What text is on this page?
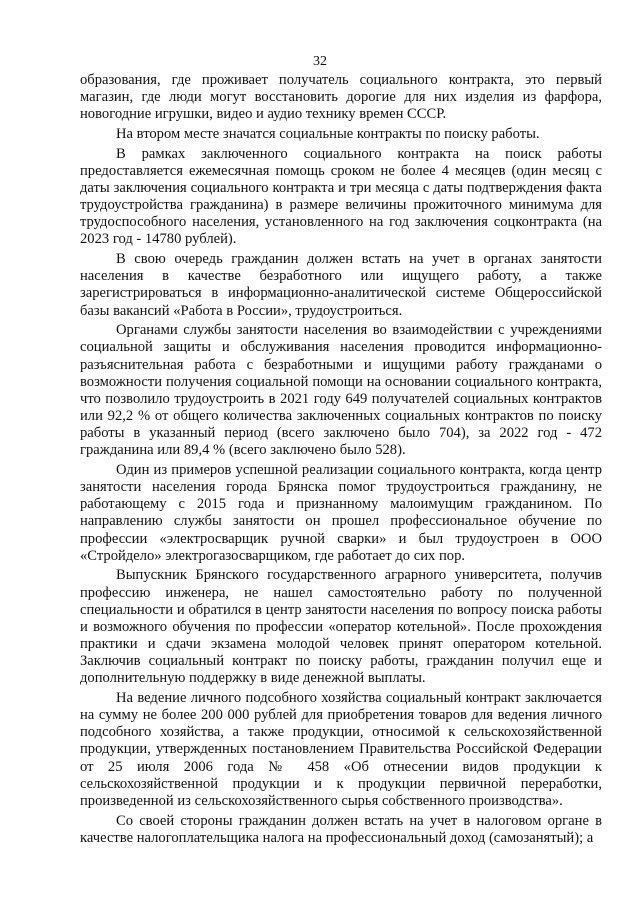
32

образования, где проживает получатель социального контракта, это первый магазин, где люди могут восстановить дорогие для них изделия из фарфора, новогодние игрушки, видео и аудио технику времен СССР.

На втором месте значатся социальные контракты по поиску работы.

В рамках заключенного социального контракта на поиск работы предоставляется ежемесячная помощь сроком не более 4 месяцев (один месяц с даты заключения социального контракта и три месяца с даты подтверждения факта трудоустройства гражданина) в размере величины прожиточного минимума для трудоспособного населения, установленного на год заключения соцконтракта (на 2023 год - 14780 рублей).

В свою очередь гражданин должен встать на учет в органах занятости населения в качестве безработного или ищущего работу, а также зарегистрироваться в информационно-аналитической системе Общероссийской базы вакансий «Работа в России», трудоустроиться.

Органами службы занятости населения во взаимодействии с учреждениями социальной защиты и обслуживания населения проводится информационно-разъяснительная работа с безработными и ищущими работу гражданами о возможности получения социальной помощи на основании социального контракта, что позволило трудоустроить в 2021 году 649 получателей социальных контрактов или 92,2 % от общего количества заключенных социальных контрактов по поиску работы в указанный период (всего заключено было 704), за 2022 год - 472 гражданина или 89,4 % (всего заключено было 528).

Один из примеров успешной реализации социального контракта, когда центр занятости населения города Брянска помог трудоустроиться гражданину, не работающему с 2015 года и признанному малоимущим гражданином. По направлению службы занятости он прошел профессиональное обучение по профессии «электросварщик ручной сварки» и был трудоустроен в ООО «Стройдело» электрогазосварщиком, где работает до сих пор.

Выпускник Брянского государственного аграрного университета, получив профессию инженера, не нашел самостоятельно работу по полученной специальности и обратился в центр занятости населения по вопросу поиска работы и возможного обучения по профессии «оператор котельной». После прохождения практики и сдачи экзамена молодой человек принят оператором котельной. Заключив социальный контракт по поиску работы, гражданин получил еще и дополнительную поддержку в виде денежной выплаты.

На ведение личного подсобного хозяйства социальный контракт заключается на сумму не более 200 000 рублей для приобретения товаров для ведения личного подсобного хозяйства, а также продукции, относимой к сельскохозяйственной продукции, утвержденных постановлением Правительства Российской Федерации от 25 июля 2006 года № 458 «Об отнесении видов продукции к сельскохозяйственной продукции и к продукции первичной переработки, произведенной из сельскохозяйственного сырья собственного производства».

Со своей стороны гражданин должен встать на учет в налоговом органе в качестве налогоплательщика налога на профессиональный доход (самозанятый); а
